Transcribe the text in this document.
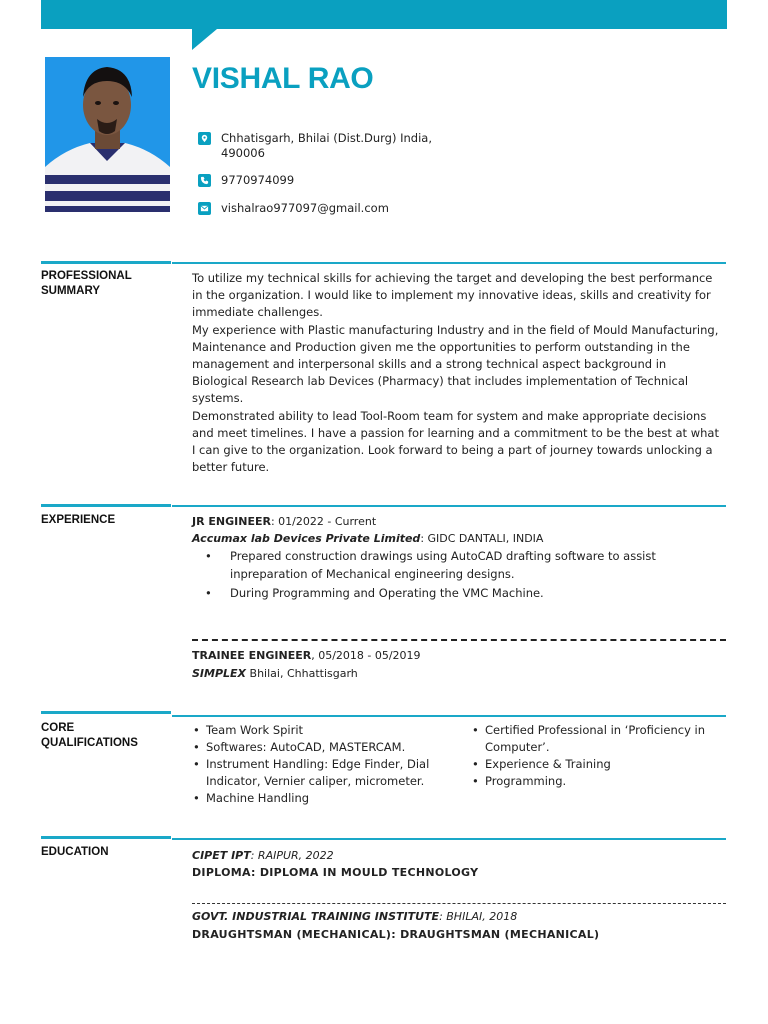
VISHAL RAO
Chhatisgarh, Bhilai (Dist.Durg) India, 490006
9770974099
vishalrao977097@gmail.com
PROFESSIONAL SUMMARY

To utilize my technical skills for achieving the target and developing the best performance in the organization. I would like to implement my innovative ideas, skills and creativity for immediate challenges.

My experience with Plastic manufacturing Industry and in the field of Mould Manufacturing, Maintenance and Production given me the opportunities to perform outstanding in the management and interpersonal skills and a strong technical aspect background in Biological Research lab Devices (Pharmacy) that includes implementation of Technical systems.

Demonstrated ability to lead Tool-Room team for system and make appropriate decisions and meet timelines. I have a passion for learning and a commitment to be the best at what I can give to the organization. Look forward to being a part of journey towards unlocking a better future.

EXPERIENCE	JR ENGINEER: 01/2022 - Current
Accumax lab Devices Private Limited: GIDC DANTALI, INDIA
• Prepared construction drawings using AutoCAD drafting software to assist inpreparation of Mechanical engineering designs.
• During Programming and Operating the VMC Machine.
TRAINEE ENGINEER, 05/2018 - 05/2019
SIMPLEX Bhilai, Chhattisgarh
CORE QUALIFICATIONS
• Team Work Spirit
• Softwares: AutoCAD, MASTERCAM.
• Instrument Handling: Edge Finder, Dial Indicator, Vernier caliper, micrometer.
• Machine Handling
• Certified Professional in ‘Proficiency in Computer’.
• Experience & Training
• Programming.
EDUCATION	CIPET IPT: RAIPUR, 2022
DIPLOMA: DIPLOMA IN MOULD TECHNOLOGY
GOVT. INDUSTRIAL TRAINING INSTITUTE: BHILAI, 2018
DRAUGHTSMAN (MECHANICAL): DRAUGHTSMAN (MECHANICAL)
